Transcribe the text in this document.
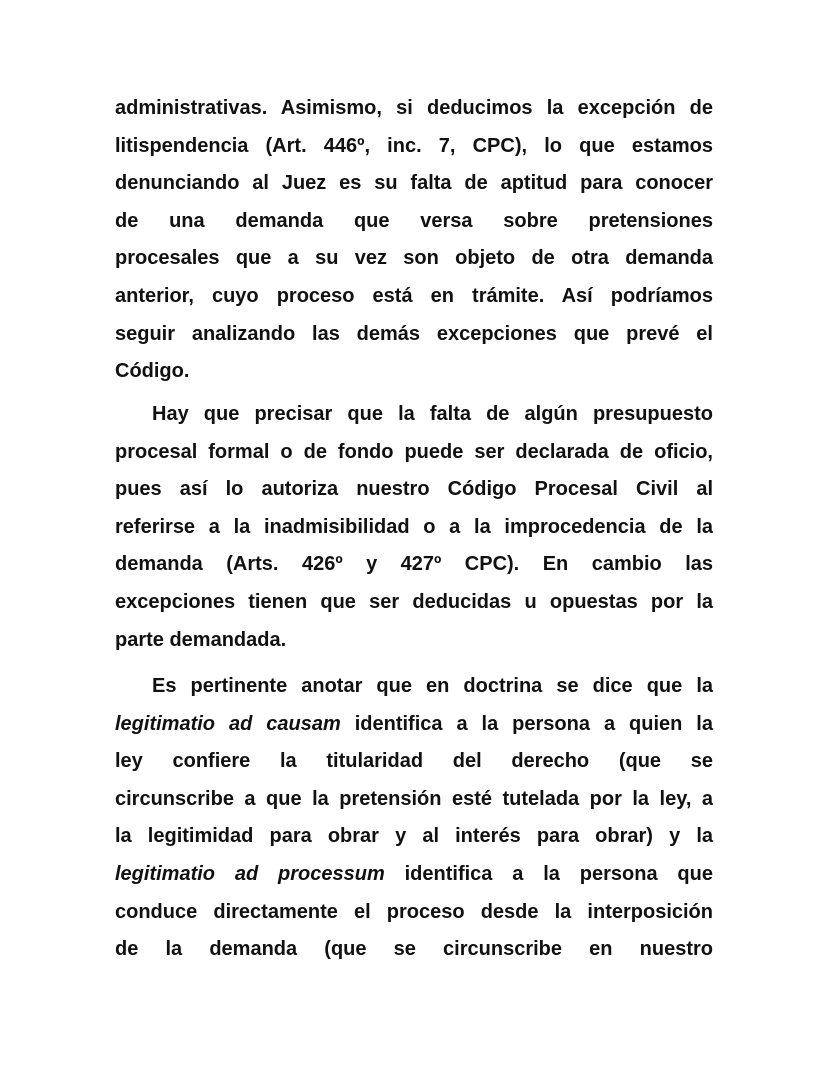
administrativas. Asimismo, si deducimos la excepción de
litispendencia (Art. 446º, inc. 7, CPC), lo que estamos
denunciando al Juez es su falta de aptitud para conocer
de una demanda que versa sobre pretensiones
procesales que a su vez son objeto de otra demanda
anterior, cuyo proceso está en trámite. Así podríamos
seguir analizando las demás excepciones que prevé el
Código.
Hay que precisar que la falta de algún presupuesto
procesal formal o de fondo puede ser declarada de oficio,
pues así lo autoriza nuestro Código Procesal Civil al
referirse a la inadmisibilidad o a la improcedencia de la
demanda (Arts. 426º y 427º CPC). En cambio las
excepciones tienen que ser deducidas u opuestas por la
parte demandada.
Es pertinente anotar que en doctrina se dice que la
legitimatio ad causam identifica a la persona a quien la
ley confiere la titularidad del derecho (que se
circunscribe a que la pretensión esté tutelada por la ley, a
la legitimidad para obrar y al interés para obrar) y la
legitimatio ad processum identifica a la persona que
conduce directamente el proceso desde la interposición
de la demanda (que se circunscribe en nuestro
